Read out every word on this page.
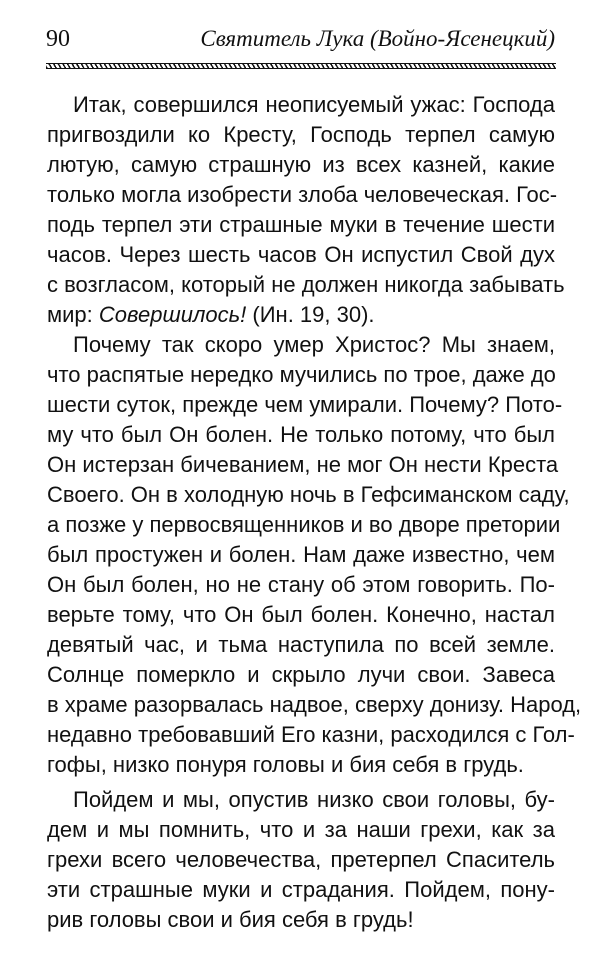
90	Святитель Лука (Войно-Ясенецкий)
Итак, совершился неописуемый ужас: Господа
пригвоздили ко Кресту, Господь терпел самую
лютую, самую страшную из всех казней, какие
только могла изобрести злоба человеческая. Гос-
подь терпел эти страшные муки в течение шести
часов. Через шесть часов Он испустил Свой дух
с возгласом, который не должен никогда забывать
мир: Совершилось! (Ин. 19, 30).
Почему так скоро умер Христос? Мы знаем,
что распятые нередко мучились по трое, даже до
шести суток, прежде чем умирали. Почему? Пото-
му что был Он болен. Не только потому, что был
Он истерзан бичеванием, не мог Он нести Креста
Своего. Он в холодную ночь в Гефсиманском саду,
а позже у первосвященников и во дворе претории
был простужен и болен. Нам даже известно, чем
Он был болен, но не стану об этом говорить. По-
верьте тому, что Он был болен. Конечно, настал
девятый час, и тьма наступила по всей земле.
Солнце померкло и скрыло лучи свои. Завеса
в храме разорвалась надвое, сверху донизу. Народ,
недавно требовавший Его казни, расходился с Гол-
гофы, низко понуря головы и бия себя в грудь.
Пойдем и мы, опустив низко свои головы, бу-
дем и мы помнить, что и за наши грехи, как за
грехи всего человечества, претерпел Спаситель
эти страшные муки и страдания. Пойдем, пону-
рив головы свои и бия себя в грудь!
